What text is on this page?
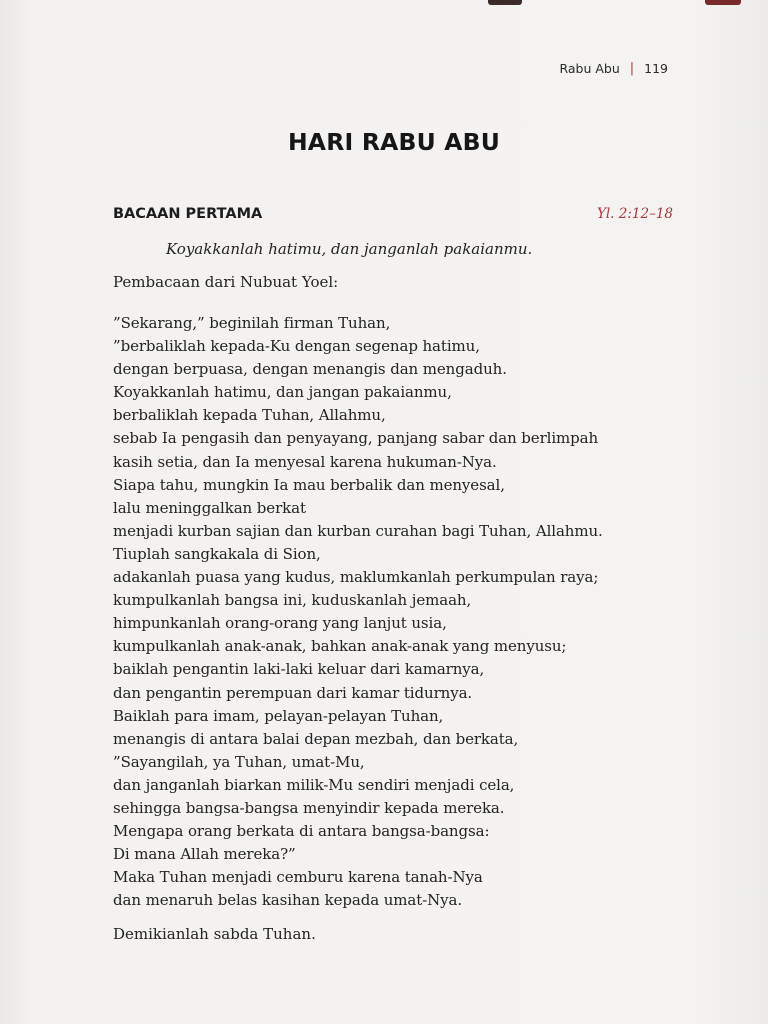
Rabu Abu | 119
HARI RABU ABU
BACAAN PERTAMA	Yl. 2:12–18
Koyakkanlah hatimu, dan janganlah pakaianmu.
Pembacaan dari Nubuat Yoel:
”Sekarang,” beginilah firman Tuhan,
”berbaliklah kepada-Ku dengan segenap hatimu,
dengan berpuasa, dengan menangis dan mengaduh.
Koyakkanlah hatimu, dan jangan pakaianmu,
berbaliklah kepada Tuhan, Allahmu,
sebab Ia pengasih dan penyayang, panjang sabar dan berlimpah
kasih setia, dan Ia menyesal karena hukuman-Nya.
Siapa tahu, mungkin Ia mau berbalik dan menyesal,
lalu meninggalkan berkat
menjadi kurban sajian dan kurban curahan bagi Tuhan, Allahmu.
Tiuplah sangkakala di Sion,
adakanlah puasa yang kudus, maklumkanlah perkumpulan raya;
kumpulkanlah bangsa ini, kuduskanlah jemaah,
himpunkanlah orang-orang yang lanjut usia,
kumpulkanlah anak-anak, bahkan anak-anak yang menyusu;
baiklah pengantin laki-laki keluar dari kamarnya,
dan pengantin perempuan dari kamar tidurnya.
Baiklah para imam, pelayan-pelayan Tuhan,
menangis di antara balai depan mezbah, dan berkata,
”Sayangilah, ya Tuhan, umat-Mu,
dan janganlah biarkan milik-Mu sendiri menjadi cela,
sehingga bangsa-bangsa menyindir kepada mereka.
Mengapa orang berkata di antara bangsa-bangsa:
Di mana Allah mereka?”
Maka Tuhan menjadi cemburu karena tanah-Nya
dan menaruh belas kasihan kepada umat-Nya.
Demikianlah sabda Tuhan.
